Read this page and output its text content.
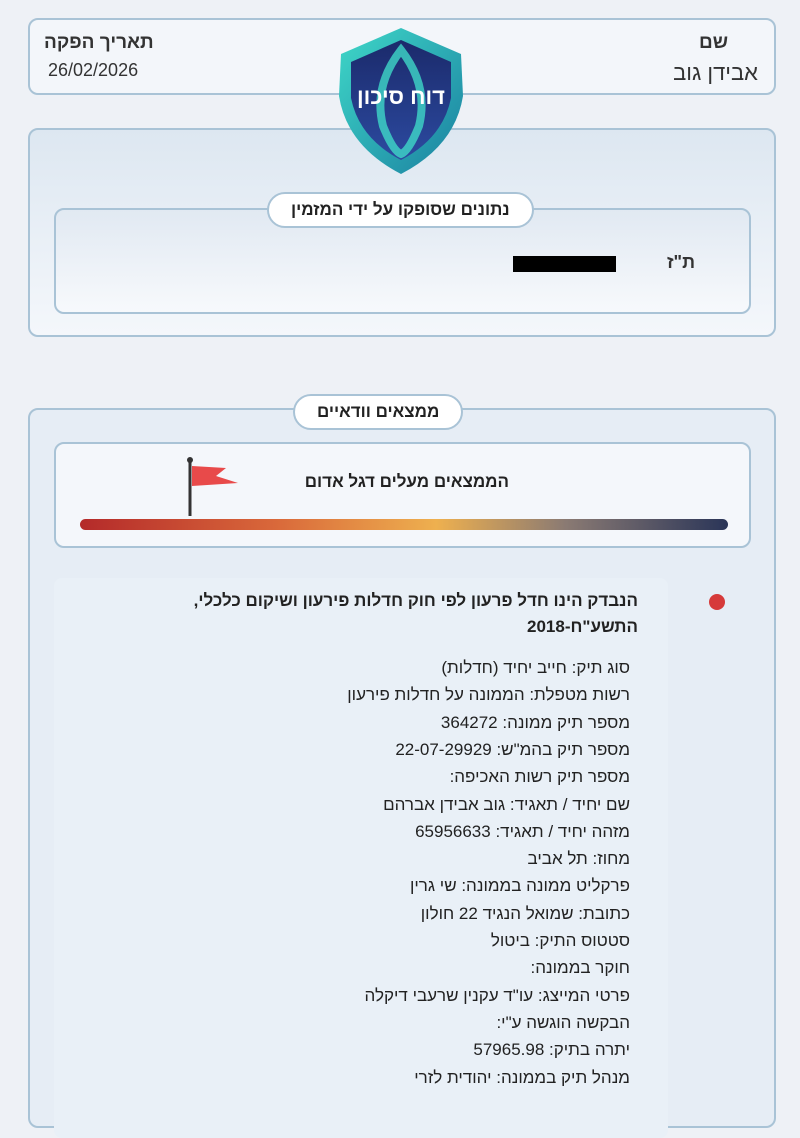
שם
אבידן גוב
תאריך הפקה
26/02/2026
ת"ז
נתונים שסופקו על ידי המזמין
דוח סיכון
הממצאים מעלים דגל אדום
ממצאים וודאיים
הנבדק הינו חדל פרעון לפי חוק חדלות פירעון ושיקום כלכלי, התשע"ח-2018
סוג תיק: חייב יחיד (חדלות)
רשות מטפלת: הממונה על חדלות פירעון
מספר תיק ממונה: 364272
מספר תיק בהמ"ש: 22-07-29929
מספר תיק רשות האכיפה:
שם יחיד / תאגיד: גוב אבידן אברהם
מזהה יחיד / תאגיד: 65956633
מחוז: תל אביב
פרקליט ממונה בממונה: שי גרין
כתובת: שמואל הנגיד 22 חולון
סטטוס התיק: ביטול
חוקר בממונה:
פרטי המייצג: עו"ד עקנין שרעבי דיקלה
הבקשה הוגשה ע"י:
יתרה בתיק: 57965.98
מנהל תיק בממונה: יהודית לזרי
